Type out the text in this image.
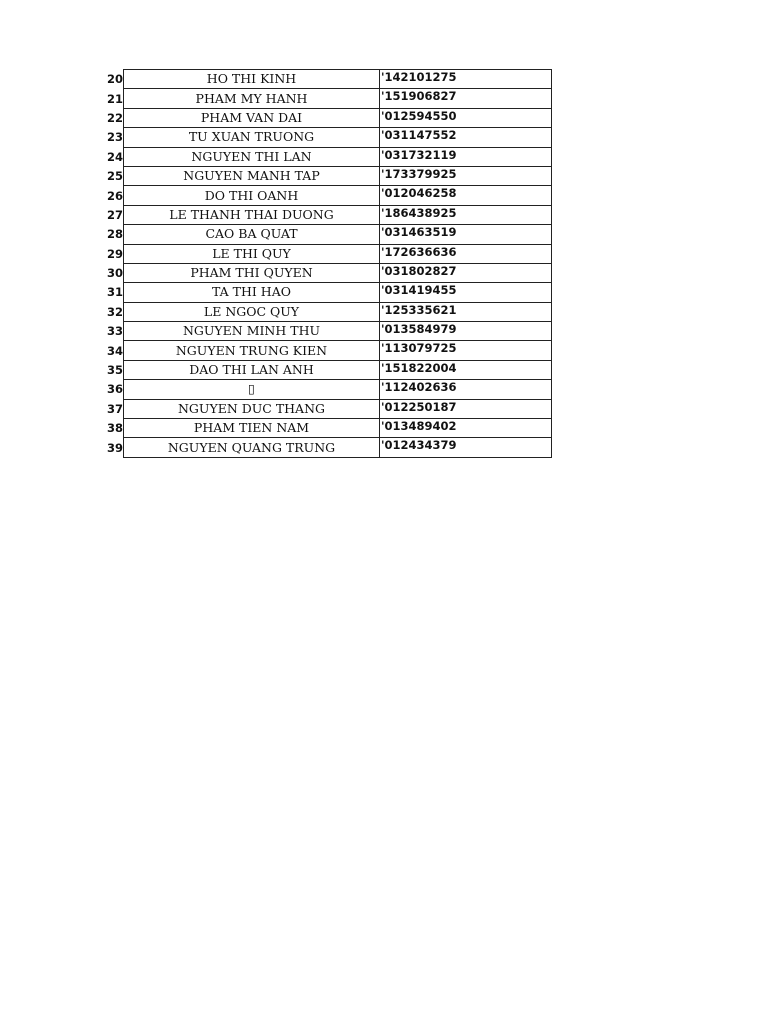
20	HO THI KINH	'142101275
21	PHAM MY HANH	'151906827
22	PHAM VAN DAI	'012594550
23	TU XUAN TRUONG	'031147552
24	NGUYEN THI LAN	'031732119
25	NGUYEN MANH TAP	'173379925
26	DO THI OANH	'012046258
27	LE THANH THAI DUONG	'186438925
28	CAO BA QUAT	'031463519
29	LE THI QUY	'172636636
30	PHAM THI QUYEN	'031802827
31	TA THI HAO	'031419455
32	LE NGOC QUY	'125335621
33	NGUYEN MINH THU	'013584979
34	NGUYEN TRUNG KIEN	'113079725
35	DAO THI LAN ANH	'151822004
36	▯	'112402636
37	NGUYEN DUC THANG	'012250187
38	PHAM TIEN NAM	'013489402
39	NGUYEN QUANG TRUNG	'012434379
